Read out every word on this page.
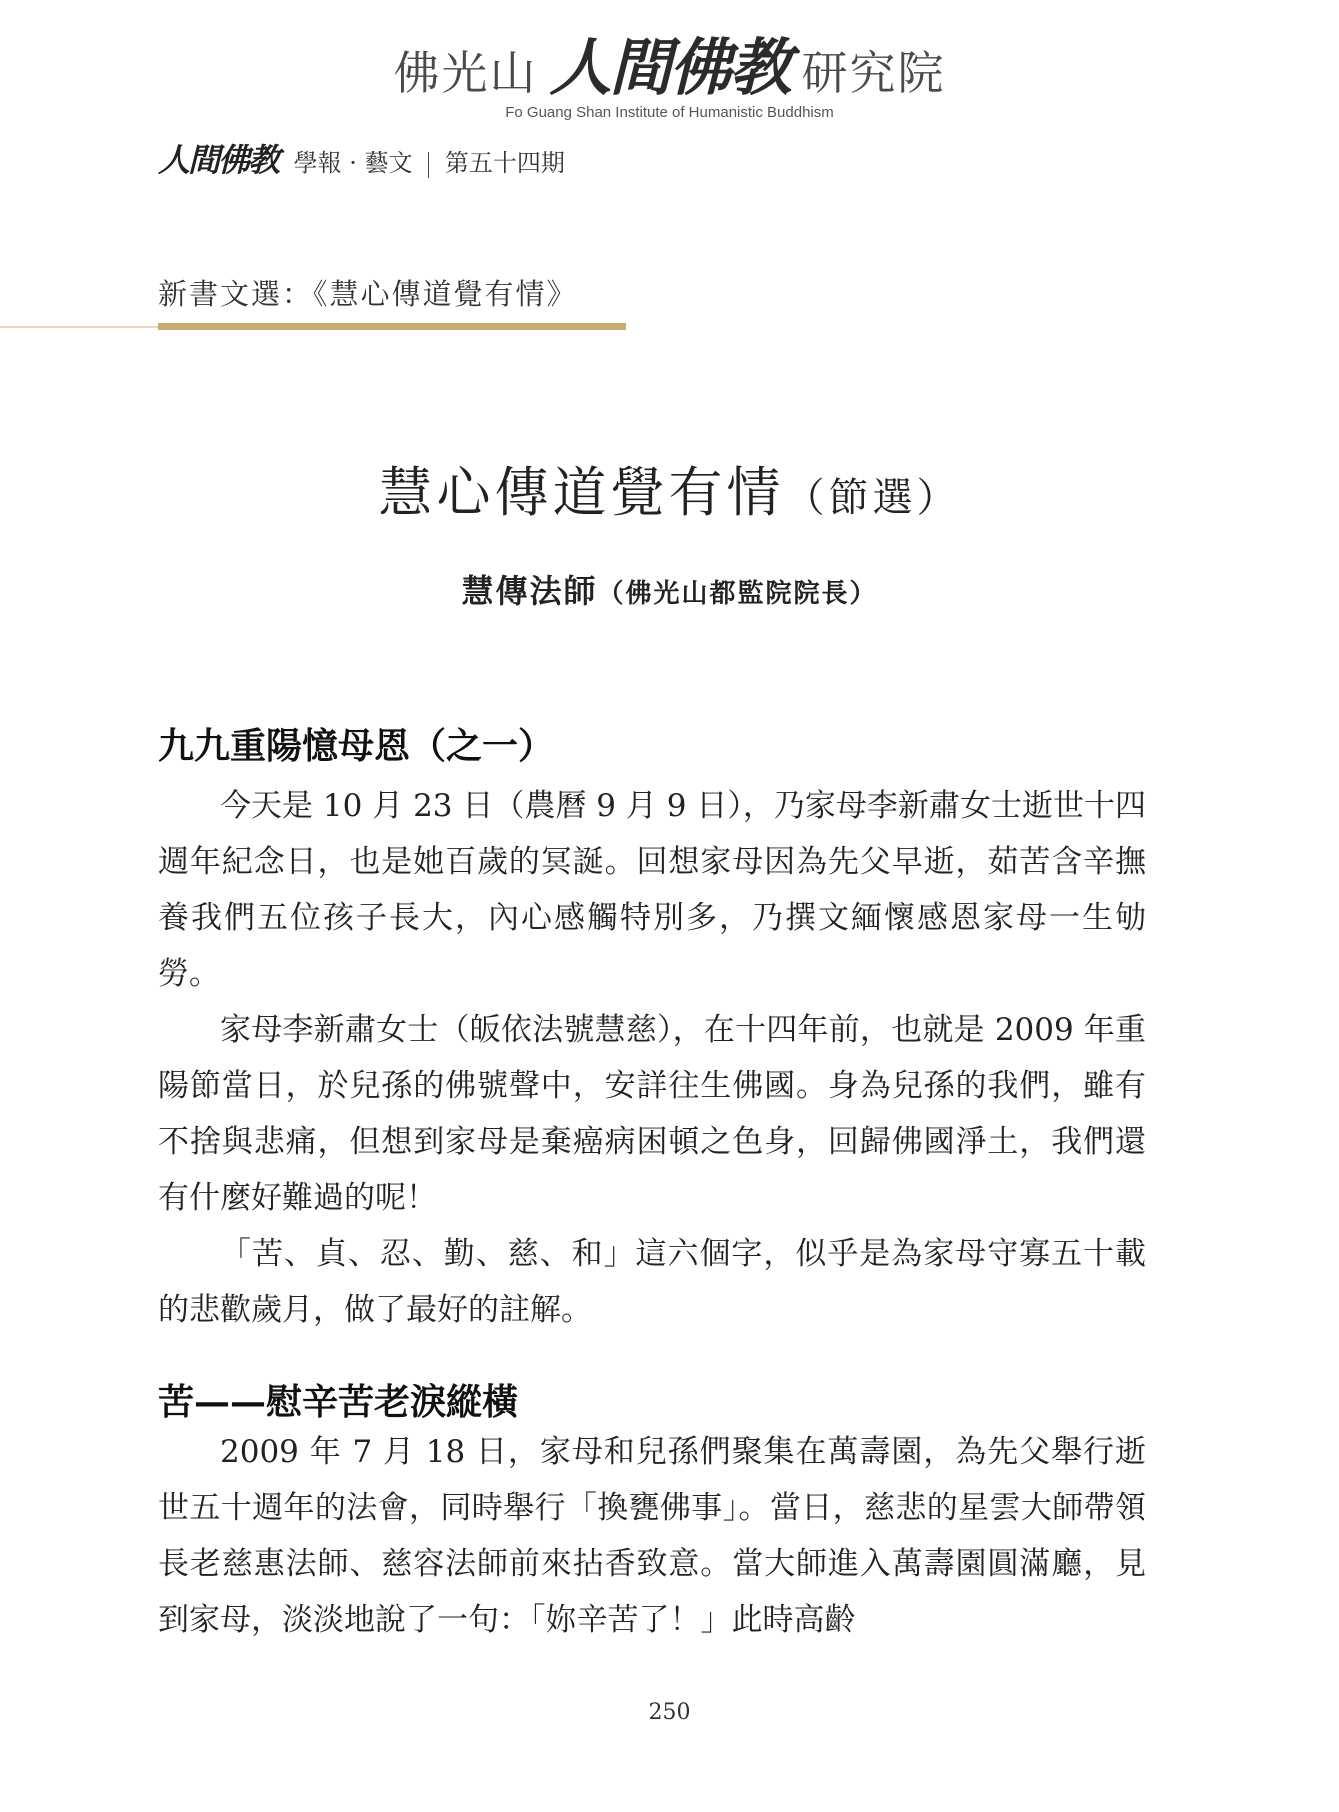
佛光山 人間佛教 研究院
Fo Guang Shan Institute of Humanistic Buddhism
人間佛教 學報 · 藝文 第五十四期
新書文選：《慧心傳道覺有情》
慧心傳道覺有情（節選）
慧傳法師（佛光山都監院院長）
九九重陽憶母恩（之一）

今天是 10 月 23 日（農曆 9 月 9 日），乃家母李新肅女士逝世十四週年紀念日，也是她百歲的冥誕。回想家母因為先父早逝，茹苦含辛撫養我們五位孩子長大，內心感觸特別多，乃撰文緬懷感恩家母一生劬勞。

家母李新肅女士（皈依法號慧慈），在十四年前，也就是 2009 年重陽節當日，於兒孫的佛號聲中，安詳往生佛國。身為兒孫的我們，雖有不捨與悲痛，但想到家母是棄癌病困頓之色身，回歸佛國淨土，我們還有什麼好難過的呢！

「苦、貞、忍、勤、慈、和」這六個字，似乎是為家母守寡五十載的悲歡歲月，做了最好的註解。

苦——慰辛苦老淚縱橫

2009 年 7 月 18 日，家母和兒孫們聚集在萬壽園，為先父舉行逝世五十週年的法會，同時舉行「換甕佛事」。當日，慈悲的星雲大師帶領長老慈惠法師、慈容法師前來拈香致意。當大師進入萬壽園圓滿廳，見到家母，淡淡地說了一句：「妳辛苦了！」此時高齡

250
